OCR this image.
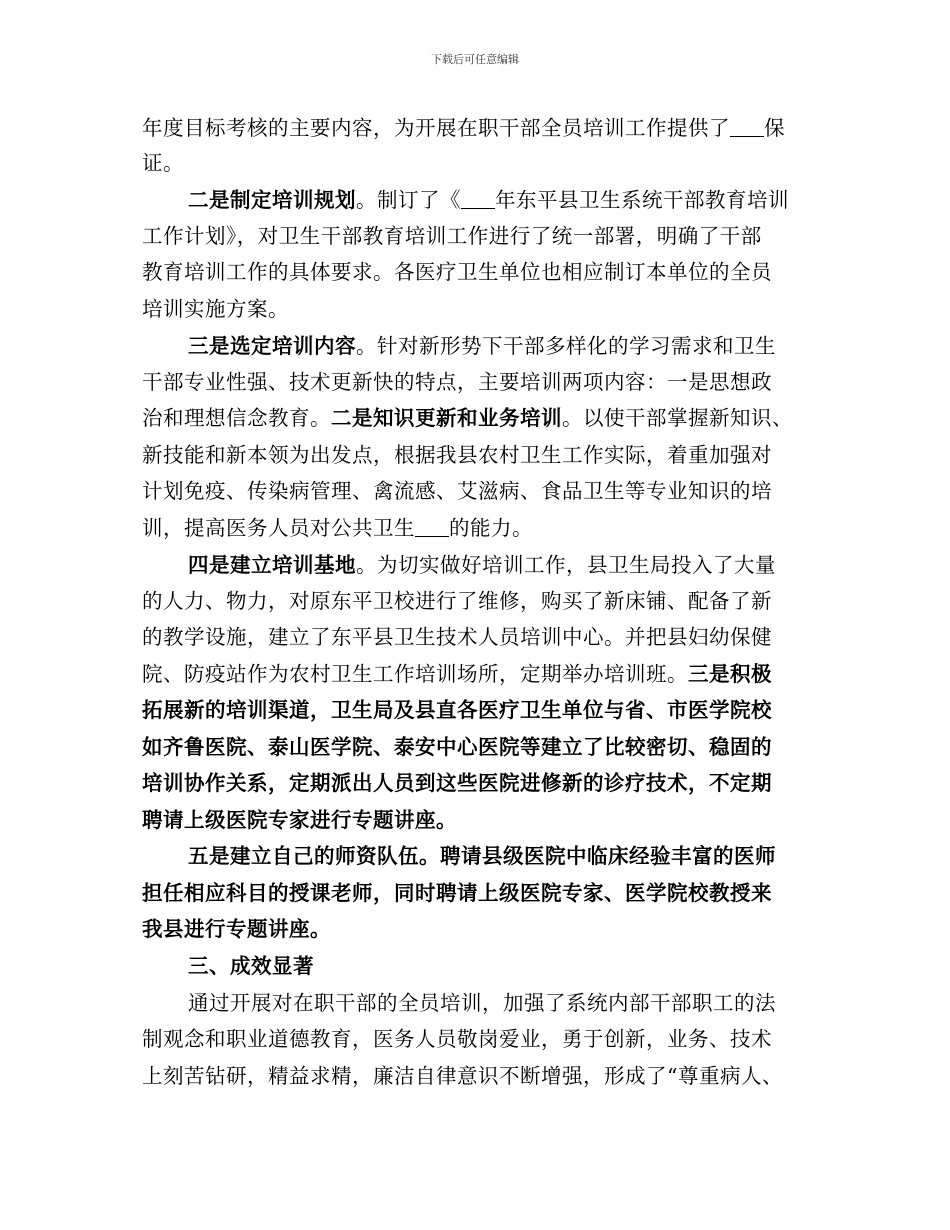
下载后可任意编辑
年度目标考核的主要内容，为开展在职干部全员培训工作提供了 保
证。
二是制定培训规划。制订了《 年东平县卫生系统干部教育培训
工作计划》，对卫生干部教育培训工作进行了统一部署，明确了干部
教育培训工作的具体要求。各医疗卫生单位也相应制订本单位的全员
培训实施方案。
三是选定培训内容。针对新形势下干部多样化的学习需求和卫生
干部专业性强、技术更新快的特点，主要培训两项内容：一是思想政
治和理想信念教育。二是知识更新和业务培训。以使干部掌握新知识、
新技能和新本领为出发点，根据我县农村卫生工作实际，着重加强对
计划免疫、传染病管理、禽流感、艾滋病、食品卫生等专业知识的培
训，提高医务人员对公共卫生 的能力。
四是建立培训基地。为切实做好培训工作，县卫生局投入了大量
的人力、物力，对原东平卫校进行了维修，购买了新床铺、配备了新
的教学设施，建立了东平县卫生技术人员培训中心。并把县妇幼保健
院、防疫站作为农村卫生工作培训场所，定期举办培训班。三是积极
拓展新的培训渠道，卫生局及县直各医疗卫生单位与省、市医学院校
如齐鲁医院、泰山医学院、泰安中心医院等建立了比较密切、稳固的
培训协作关系，定期派出人员到这些医院进修新的诊疗技术，不定期
聘请上级医院专家进行专题讲座。
五是建立自己的师资队伍。聘请县级医院中临床经验丰富的医师
担任相应科目的授课老师，同时聘请上级医院专家、医学院校教授来
我县进行专题讲座。
三、成效显著
通过开展对在职干部的全员培训，加强了系统内部干部职工的法
制观念和职业道德教育，医务人员敬岗爱业，勇于创新，业务、技术
上刻苦钻研，精益求精，廉洁自律意识不断增强，形成了“尊重病人、
